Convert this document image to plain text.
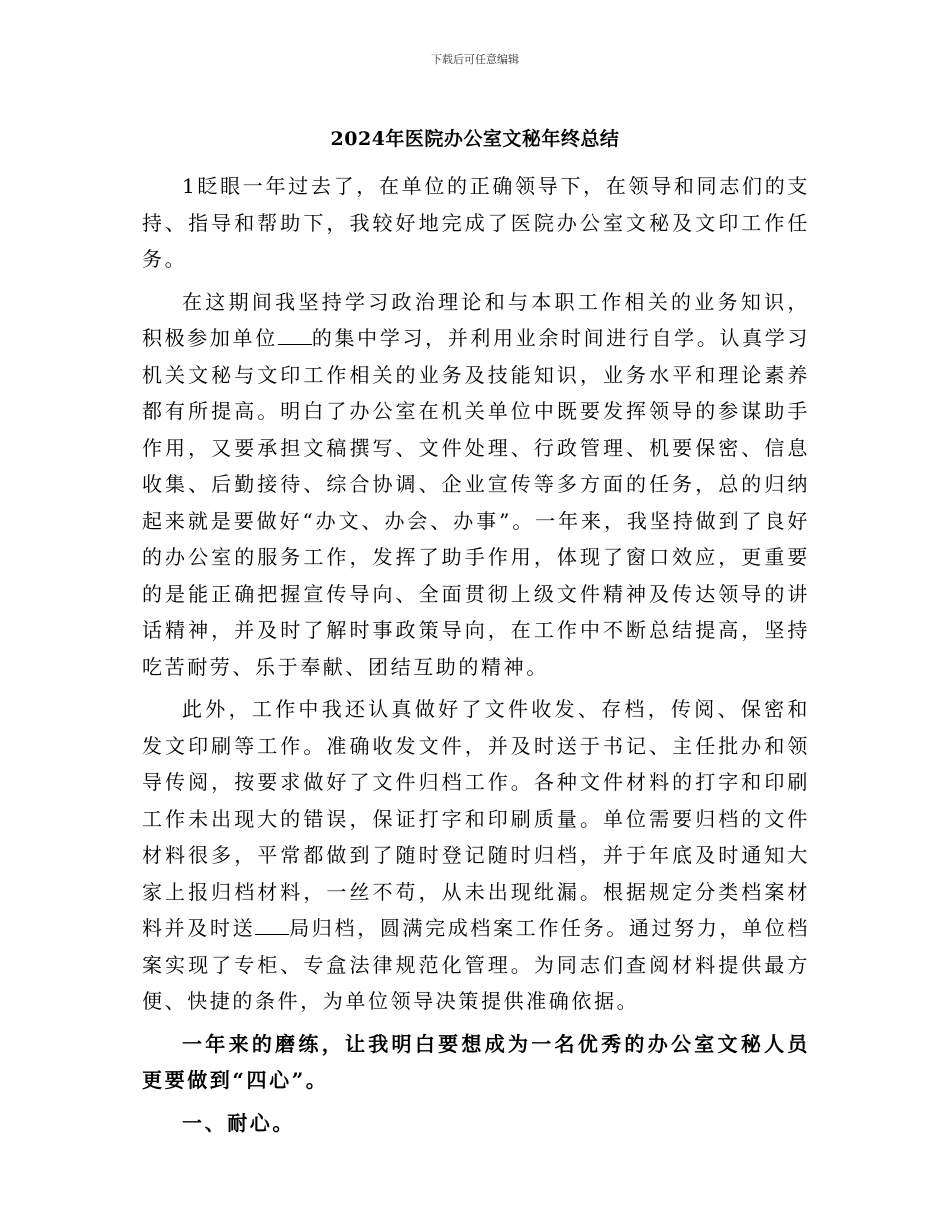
下载后可任意编辑
2024年医院办公室文秘年终总结

1眨眼一年过去了，在单位的正确领导下，在领导和同志们的支持、指导和帮助下，我较好地完成了医院办公室文秘及文印工作任务。

在这期间我坚持学习政治理论和与本职工作相关的业务知识，积极参加单位 的集中学习，并利用业余时间进行自学。认真学习机关文秘与文印工作相关的业务及技能知识，业务水平和理论素养都有所提高。明白了办公室在机关单位中既要发挥领导的参谋助手作用，又要承担文稿撰写、文件处理、行政管理、机要保密、信息收集、后勤接待、综合协调、企业宣传等多方面的任务，总的归纳起来就是要做好“办文、办会、办事”。一年来，我坚持做到了良好的办公室的服务工作，发挥了助手作用，体现了窗口效应，更重要的是能正确把握宣传导向、全面贯彻上级文件精神及传达领导的讲话精神，并及时了解时事政策导向，在工作中不断总结提高，坚持吃苦耐劳、乐于奉献、团结互助的精神。

此外，工作中我还认真做好了文件收发、存档，传阅、保密和发文印刷等工作。准确收发文件，并及时送于书记、主任批办和领导传阅，按要求做好了文件归档工作。各种文件材料的打字和印刷工作未出现大的错误，保证打字和印刷质量。单位需要归档的文件材料很多，平常都做到了随时登记随时归档，并于年底及时通知大家上报归档材料，一丝不苟，从未出现纰漏。根据规定分类档案材料并及时送 局归档，圆满完成档案工作任务。通过努力，单位档案实现了专柜、专盒法律规范化管理。为同志们查阅材料提供最方便、快捷的条件，为单位领导决策提供准确依据。

一年来的磨练，让我明白要想成为一名优秀的办公室文秘人员更要做到“四心”。

一、耐心。
